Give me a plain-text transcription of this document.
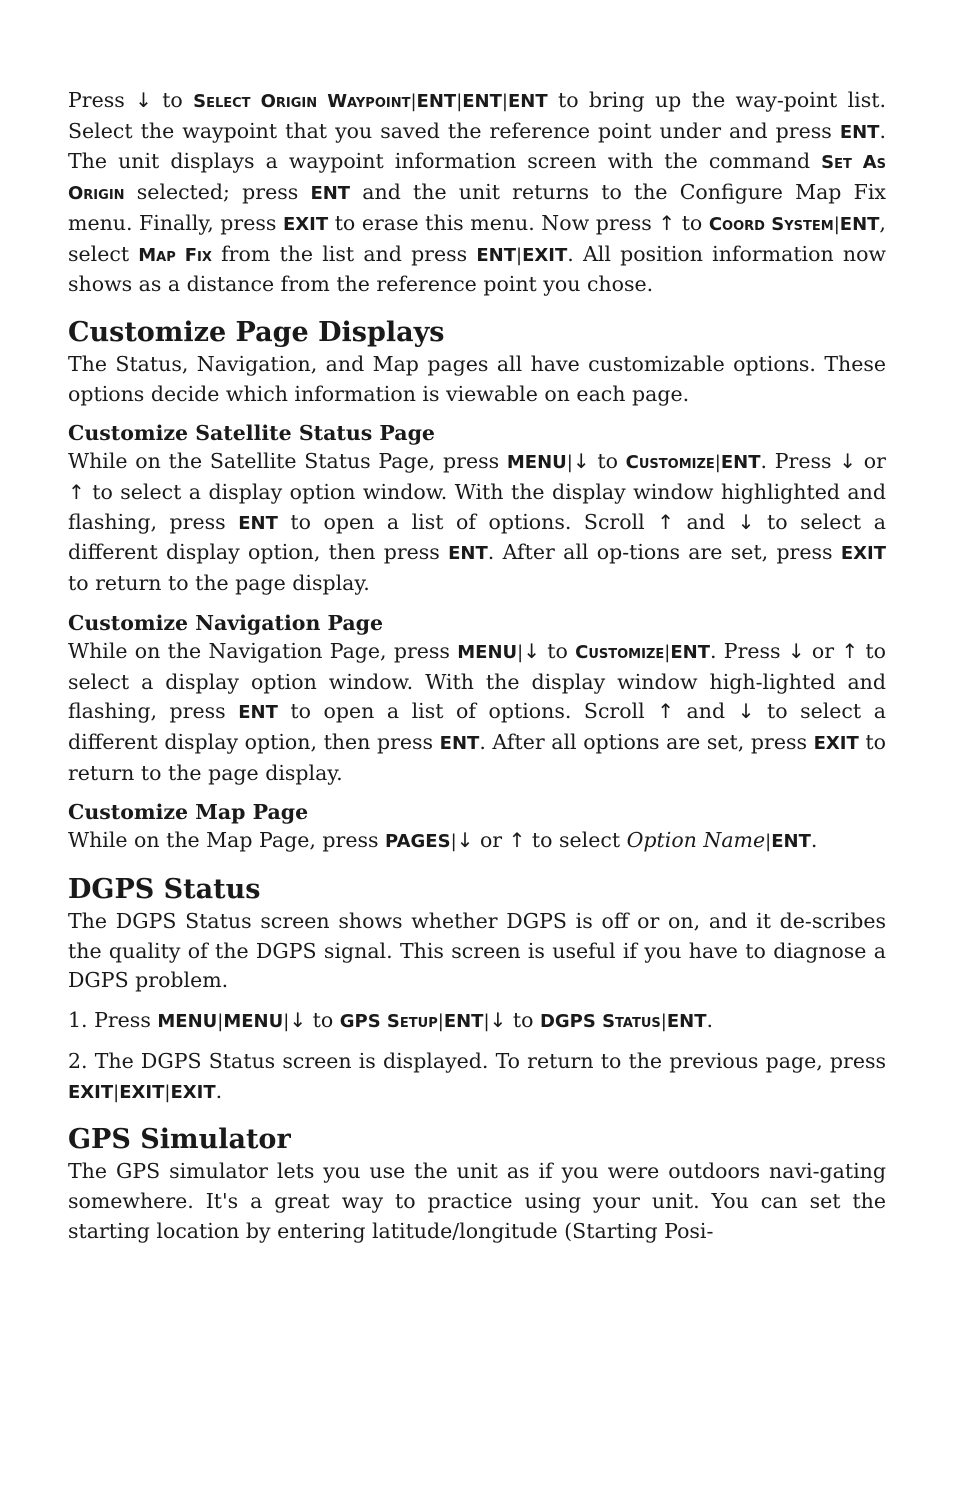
Press ↓ to Select Origin Waypoint|ENT|ENT|ENT to bring up the way-point list. Select the waypoint that you saved the reference point under and press ENT. The unit displays a waypoint information screen with the command Set As Origin selected; press ENT and the unit returns to the Configure Map Fix menu. Finally, press EXIT to erase this menu. Now press ↑ to Coord System|ENT, select Map Fix from the list and press ENT|EXIT. All position information now shows as a distance from the reference point you chose.

Customize Page Displays

The Status, Navigation, and Map pages all have customizable options. These options decide which information is viewable on each page.

Customize Satellite Status Page

While on the Satellite Status Page, press MENU|↓ to Customize|ENT. Press ↓ or ↑ to select a display option window. With the display window highlighted and flashing, press ENT to open a list of options. Scroll ↑ and ↓ to select a different display option, then press ENT. After all op-tions are set, press EXIT to return to the page display.

Customize Navigation Page

While on the Navigation Page, press MENU|↓ to Customize|ENT. Press ↓ or ↑ to select a display option window. With the display window high-lighted and flashing, press ENT to open a list of options. Scroll ↑ and ↓ to select a different display option, then press ENT. After all options are set, press EXIT to return to the page display.

Customize Map Page

While on the Map Page, press PAGES|↓ or ↑ to select Option Name|ENT.

DGPS Status

The DGPS Status screen shows whether DGPS is off or on, and it de-scribes the quality of the DGPS signal. This screen is useful if you have to diagnose a DGPS problem.

1. Press MENU|MENU|↓ to GPS Setup|ENT|↓ to DGPS Status|ENT.

2. The DGPS Status screen is displayed. To return to the previous page, press EXIT|EXIT|EXIT.

GPS Simulator

The GPS simulator lets you use the unit as if you were outdoors navi-gating somewhere. It's a great way to practice using your unit. You can set the starting location by entering latitude/longitude (Starting Posi-
